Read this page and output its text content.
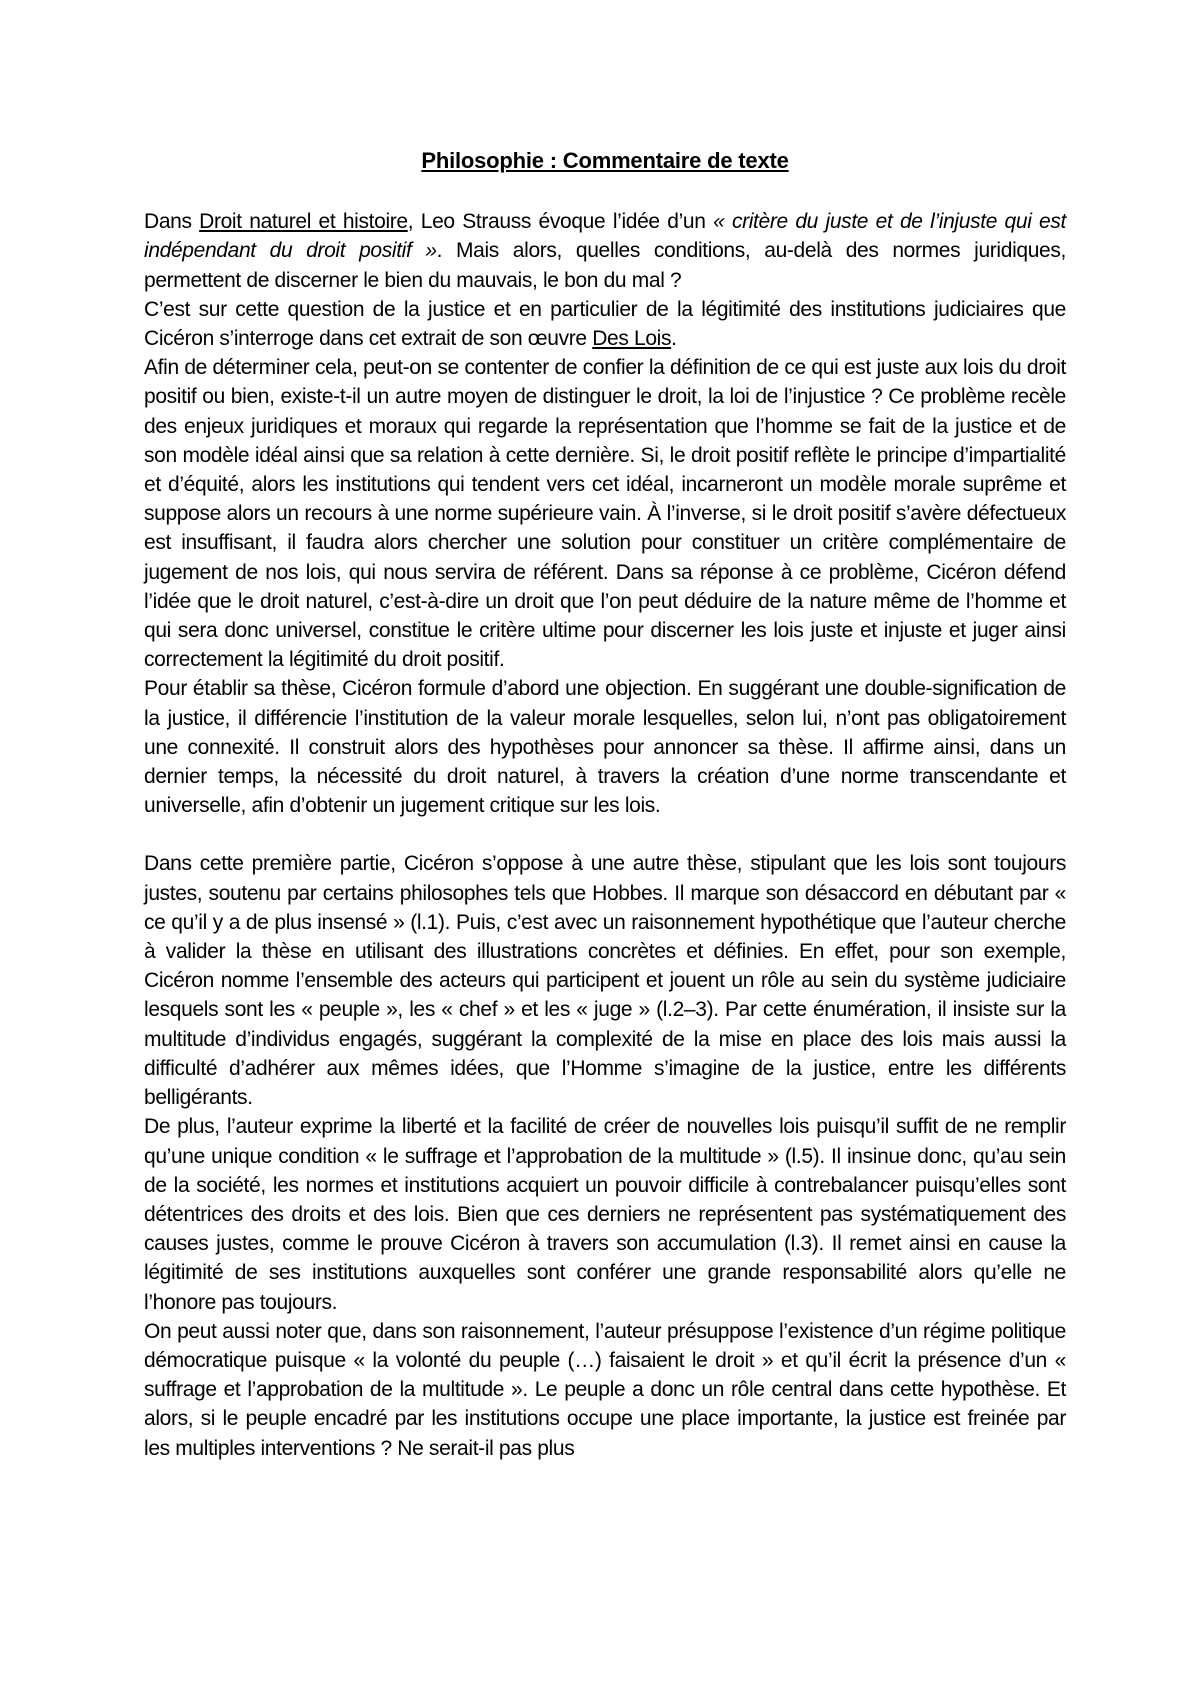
Philosophie : Commentaire de texte

Dans Droit naturel et histoire, Leo Strauss évoque l’idée d’un « critère du juste et de l’injuste qui est indépendant du droit positif ». Mais alors, quelles conditions, au-delà des normes juridiques, permettent de discerner le bien du mauvais, le bon du mal ?

C’est sur cette question de la justice et en particulier de la légitimité des institutions judiciaires que Cicéron s’interroge dans cet extrait de son œuvre Des Lois.

Afin de déterminer cela, peut-on se contenter de confier la définition de ce qui est juste aux lois du droit positif ou bien, existe-t-il un autre moyen de distinguer le droit, la loi de l’injustice ? Ce problème recèle des enjeux juridiques et moraux qui regarde la représentation que l’homme se fait de la justice et de son modèle idéal ainsi que sa relation à cette dernière. Si, le droit positif reflète le principe d’impartialité et d’équité, alors les institutions qui tendent vers cet idéal, incarneront un modèle morale suprême et suppose alors un recours à une norme supérieure vain. À l’inverse, si le droit positif s’avère défectueux est insuffisant, il faudra alors chercher une solution pour constituer un critère complémentaire de jugement de nos lois, qui nous servira de référent. Dans sa réponse à ce problème, Cicéron défend l’idée que le droit naturel, c’est-à-dire un droit que l’on peut déduire de la nature même de l’homme et qui sera donc universel, constitue le critère ultime pour discerner les lois juste et injuste et juger ainsi correctement la légitimité du droit positif.

Pour établir sa thèse, Cicéron formule d’abord une objection. En suggérant une double-signification de la justice, il différencie l’institution de la valeur morale lesquelles, selon lui, n’ont pas obligatoirement une connexité. Il construit alors des hypothèses pour annoncer sa thèse. Il affirme ainsi, dans un dernier temps, la nécessité du droit naturel, à travers la création d’une norme transcendante et universelle, afin d’obtenir un jugement critique sur les lois.

Dans cette première partie, Cicéron s’oppose à une autre thèse, stipulant que les lois sont toujours justes, soutenu par certains philosophes tels que Hobbes. Il marque son désaccord en débutant par « ce qu’il y a de plus insensé » (l.1). Puis, c’est avec un raisonnement hypothétique que l’auteur cherche à valider la thèse en utilisant des illustrations concrètes et définies. En effet, pour son exemple, Cicéron nomme l’ensemble des acteurs qui participent et jouent un rôle au sein du système judiciaire lesquels sont les « peuple », les « chef » et les « juge » (l.2–3). Par cette énumération, il insiste sur la multitude d’individus engagés, suggérant la complexité de la mise en place des lois mais aussi la difficulté d’adhérer aux mêmes idées, que l’Homme s’imagine de la justice, entre les différents belligérants.

De plus, l’auteur exprime la liberté et la facilité de créer de nouvelles lois puisqu’il suffit de ne remplir qu’une unique condition « le suffrage et l’approbation de la multitude » (l.5). Il insinue donc, qu’au sein de la société, les normes et institutions acquiert un pouvoir difficile à contrebalancer puisqu’elles sont détentrices des droits et des lois. Bien que ces derniers ne représentent pas systématiquement des causes justes, comme le prouve Cicéron à travers son accumulation (l.3). Il remet ainsi en cause la légitimité de ses institutions auxquelles sont conférer une grande responsabilité alors qu’elle ne l’honore pas toujours.

On peut aussi noter que, dans son raisonnement, l’auteur présuppose l’existence d’un régime politique démocratique puisque « la volonté du peuple (…) faisaient le droit » et qu’il écrit la présence d’un « suffrage et l’approbation de la multitude ». Le peuple a donc un rôle central dans cette hypothèse. Et alors, si le peuple encadré par les institutions occupe une place importante, la justice est freinée par les multiples interventions ? Ne serait-il pas plus
